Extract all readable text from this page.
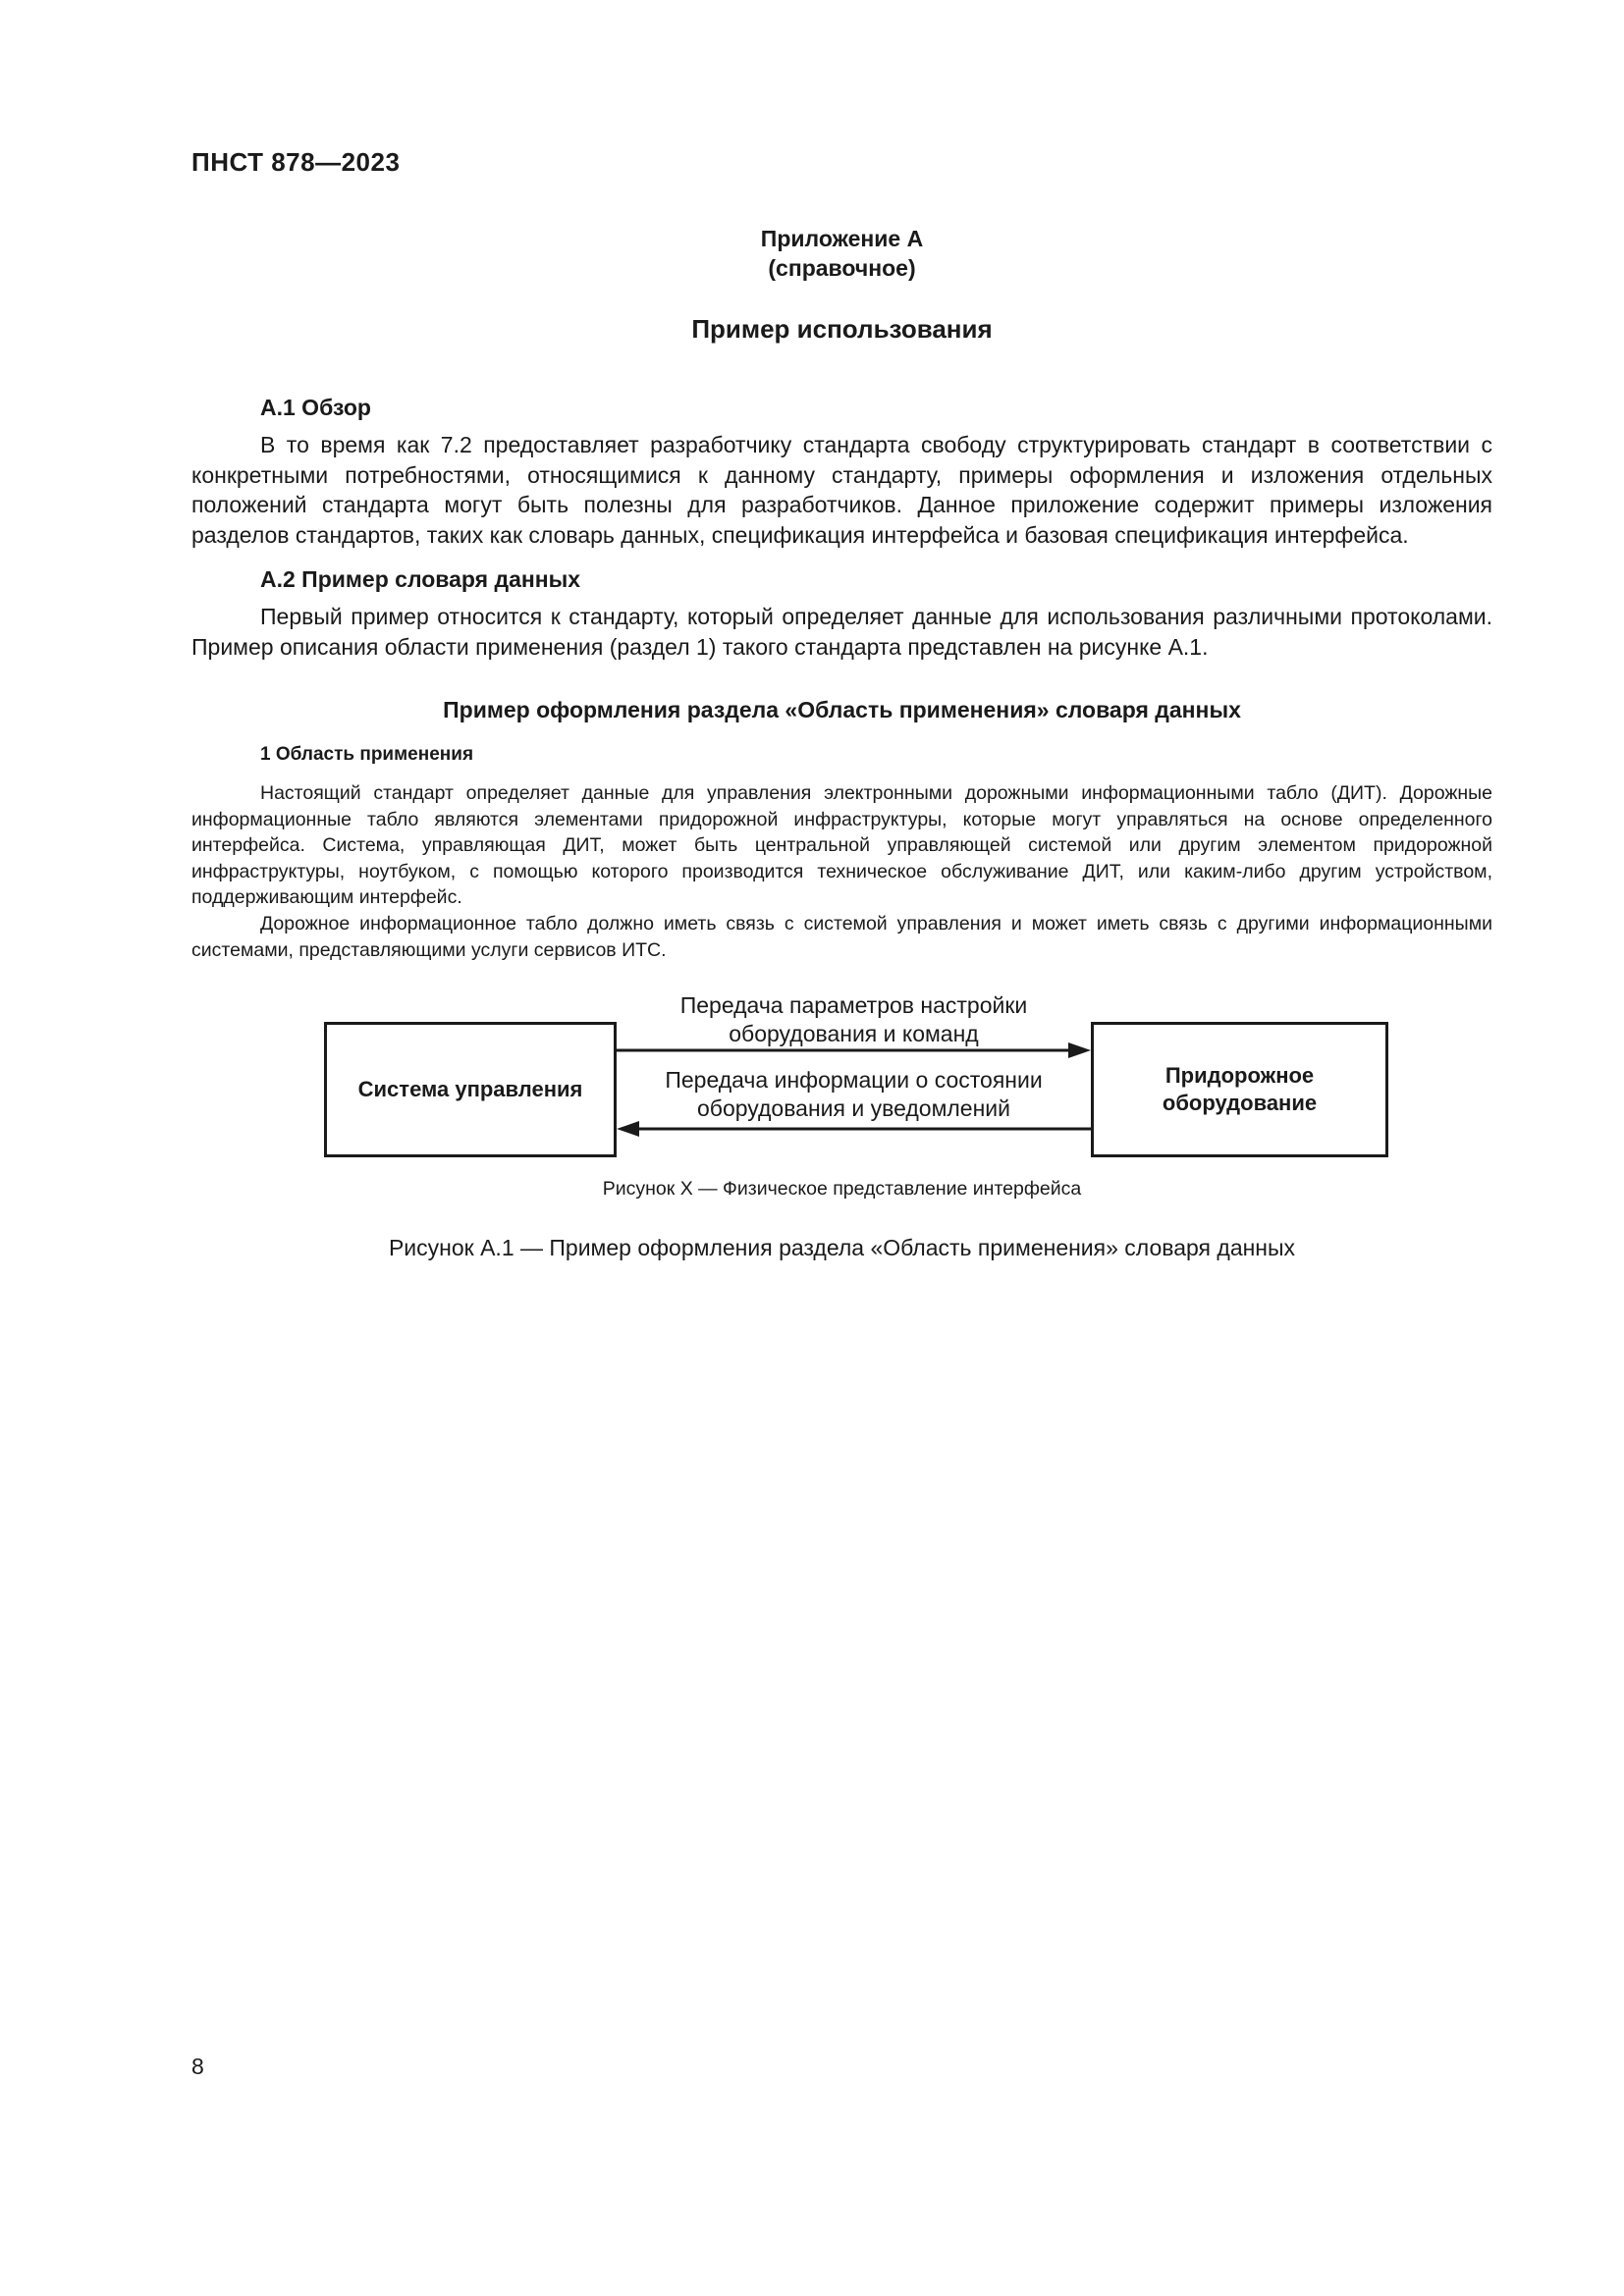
ПНСТ 878—2023
Приложение А
(справочное)
Пример использования
А.1 Обзор

В то время как 7.2 предоставляет разработчику стандарта свободу структурировать стандарт в соответствии с конкретными потребностями, относящимися к данному стандарту, примеры оформления и изложения отдельных положений стандарта могут быть полезны для разработчиков. Данное приложение содержит примеры изложения разделов стандартов, таких как словарь данных, спецификация интерфейса и базовая спецификация интерфейса.

А.2 Пример словаря данных

Первый пример относится к стандарту, который определяет данные для использования различными протоколами. Пример описания области применения (раздел 1) такого стандарта представлен на рисунке А.1.

Пример оформления раздела «Область применения» словаря данных
1 Область применения

Настоящий стандарт определяет данные для управления электронными дорожными информационными табло (ДИТ). Дорожные информационные табло являются элементами придорожной инфраструктуры, которые могут управляться на основе определенного интерфейса. Система, управляющая ДИТ, может быть центральной управляющей системой или другим элементом придорожной инфраструктуры, ноутбуком, с помощью которого производится техническое обслуживание ДИТ, или каким-либо другим устройством, поддерживающим интерфейс.

Дорожное информационное табло должно иметь связь с системой управления и может иметь связь с другими информационными системами, представляющими услуги сервисов ИТС.

Система управления
Придорожное оборудование
Передача параметров настройки
оборудования и команд
Передача информации о состоянии
оборудования и уведомлений
Рисунок Х — Физическое представление интерфейса
Рисунок А.1 — Пример оформления раздела «Область применения» словаря данных
8
